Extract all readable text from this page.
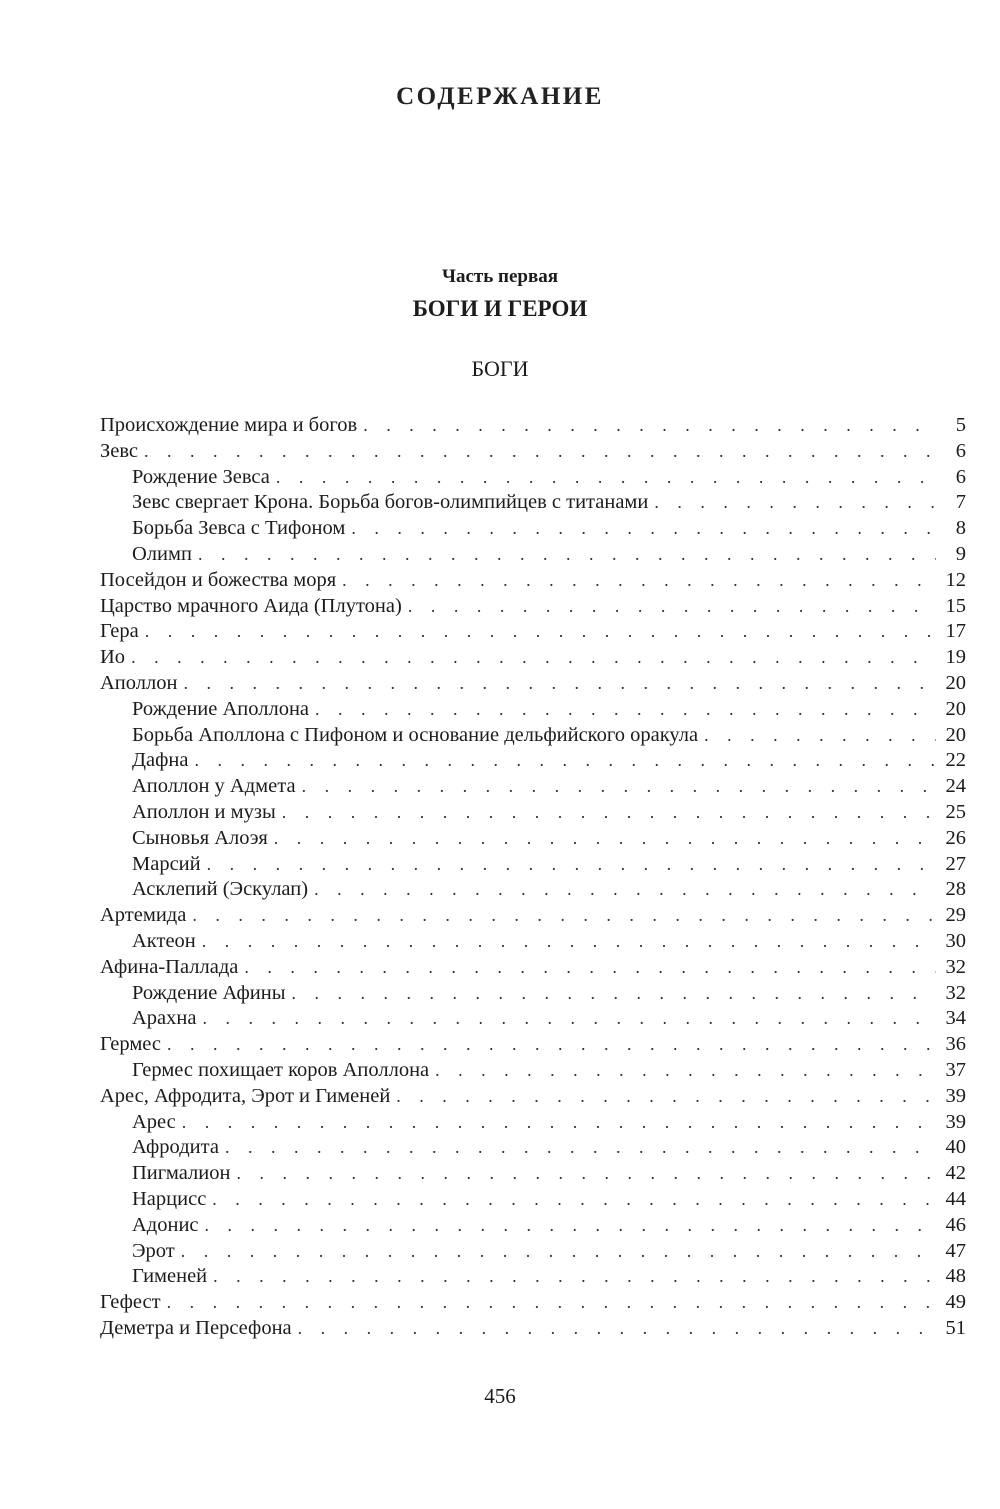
СОДЕРЖАНИЕ
Часть первая
БОГИ И ГЕРОИ
БОГИ
Происхождение мира и богов . . .	5
Зевс . . .	6
Рождение Зевса . . .	6
Зевс свергает Крона. Борьба богов-олимпийцев с титанами . . .	7
Борьба Зевса с Тифоном . . .	8
Олимп . . .	9
Посейдон и божества моря . . .	12
Царство мрачного Аида (Плутона) . . .	15
Гера . . .	17
Ио . . .	19
Аполлон . . .	20
Рождение Аполлона . . .	20
Борьба Аполлона с Пифоном и основание дельфийского оракула . . .	20
Дафна . . .	22
Аполлон у Адмета . . .	24
Аполлон и музы . . .	25
Сыновья Алоэя . . .	26
Марсий . . .	27
Асклепий (Эскулап) . . .	28
Артемида . . .	29
Актеон . . .	30
Афина-Паллада . . .	32
Рождение Афины . . .	32
Арахна . . .	34
Гермес . . .	36
Гермес похищает коров Аполлона . . .	37
Арес, Афродита, Эрот и Гименей . . .	39
Арес . . .	39
Афродита . . .	40
Пигмалион . . .	42
Нарцисс . . .	44
Адонис . . .	46
Эрот . . .	47
Гименей . . .	48
Гефест . . .	49
Деметра и Персефона . . .	51
456
